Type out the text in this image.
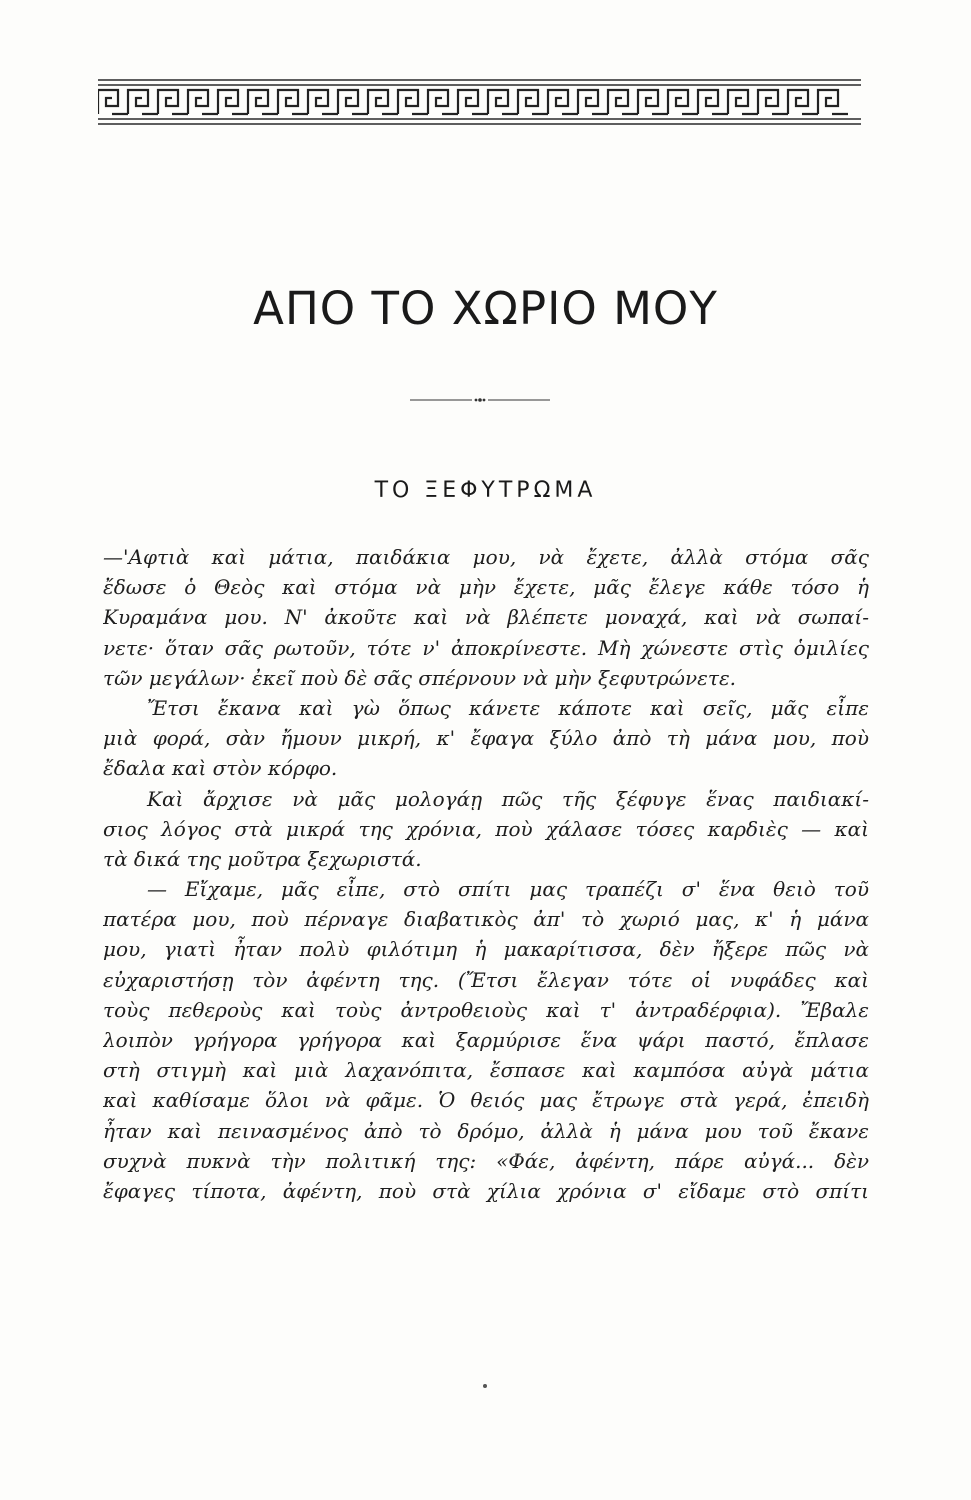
ΑΠΟ ΤΟ ΧΩΡΙΟ ΜΟΥ
ΤΟ ΞΕΦΥΤΡΩΜΑ
—'Αφτιὰ καὶ μάτια, παιδάκια μου, νὰ ἔχετε, ἀλλὰ στόμα σᾶς
ἔδωσε ὁ Θεὸς καὶ στόμα νὰ μὴν ἔχετε, μᾶς ἔλεγε κάθε τόσο ἡ
Κυραμάνα μου. Ν' ἀκοῦτε καὶ νὰ βλέπετε μοναχά, καὶ νὰ σωπαί-
νετε· ὅταν σᾶς ρωτοῦν, τότε ν' ἀποκρίνεστε. Μὴ χώνεστε στὶς ὁμιλίες
τῶν μεγάλων· ἐκεῖ ποὺ δὲ σᾶς σπέρνουν νὰ μὴν ξεφυτρώνετε.
Ἔτσι ἔκανα καὶ γὼ ὅπως κάνετε κάποτε καὶ σεῖς, μᾶς εἶπε
μιὰ φορά, σὰν ἤμουν μικρή, κ' ἔφαγα ξύλο ἀπὸ τὴ μάνα μου, ποὺ
ἔδαλα καὶ στὸν κόρφο.
Καὶ ἄρχισε νὰ μᾶς μολογάῃ πῶς τῆς ξέφυγε ἕνας παιδιακί-
σιος λόγος στὰ μικρά της χρόνια, ποὺ χάλασε τόσες καρδιὲς — καὶ
τὰ δικά της μοῦτρα ξεχωριστά.
— Εἴχαμε, μᾶς εἶπε, στὸ σπίτι μας τραπέζι σ' ἕνα θειὸ τοῦ
πατέρα μου, ποὺ πέρναγε διαβατικὸς ἀπ' τὸ χωριό μας, κ' ἡ μάνα
μου, γιατὶ ἦταν πολὺ φιλότιμη ἡ μακαρίτισσα, δὲν ἤξερε πῶς νὰ
εὐχαριστήσῃ τὸν ἀφέντη της. (Ἔτσι ἔλεγαν τότε οἱ νυφάδες καὶ
τοὺς πεθεροὺς καὶ τοὺς ἀντροθειοὺς καὶ τ' ἀντραδέρφια). Ἔβαλε
λοιπὸν γρήγορα γρήγορα καὶ ξαρμύρισε ἕνα ψάρι παστό, ἔπλασε
στὴ στιγμὴ καὶ μιὰ λαχανόπιτα, ἔσπασε καὶ καμπόσα αὐγὰ μάτια
καὶ καθίσαμε ὅλοι νὰ φᾶμε. Ὁ θειός μας ἔτρωγε στὰ γερά, ἐπειδὴ
ἦταν καὶ πεινασμένος ἀπὸ τὸ δρόμο, ἀλλὰ ἡ μάνα μου τοῦ ἔκανε
συχνὰ πυκνὰ τὴν πολιτική της: «Φάε, ἀφέντη, πάρε αὐγά... δὲν
ἔφαγες τίποτα, ἀφέντη, ποὺ στὰ χίλια χρόνια σ' εἴδαμε στὸ σπίτι
